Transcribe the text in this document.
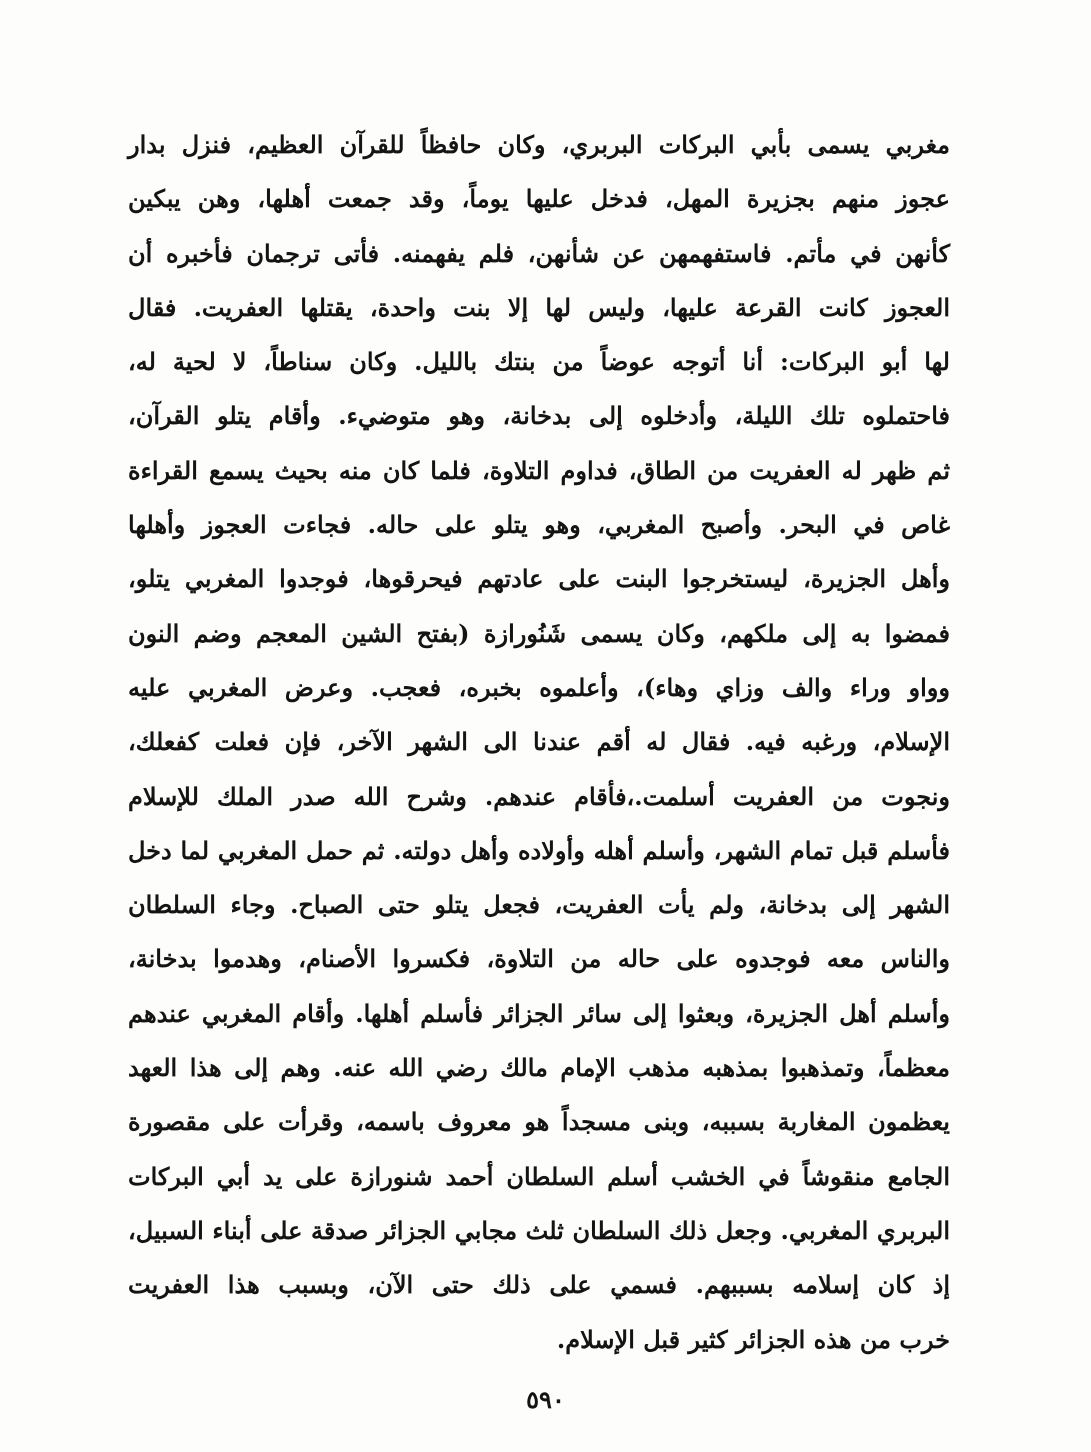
مغربي يسمى بأبي البركات البربري، وكان حافظاً للقرآن العظيم، فنزل بدار
عجوز منهم بجزيرة المهل، فدخل عليها يوماً، وقد جمعت أهلها، وهن يبكين
كأنهن في مأتم. فاستفهمهن عن شأنهن، فلم يفهمنه. فأتى ترجمان فأخبره أن
العجوز كانت القرعة عليها، وليس لها إلا بنت واحدة، يقتلها العفريت. فقال
لها أبو البركات: أنا أتوجه عوضاً من بنتك بالليل. وكان سناطاً، لا لحية له،
فاحتملوه تلك الليلة، وأدخلوه إلى بدخانة، وهو متوضيء. وأقام يتلو القرآن،
ثم ظهر له العفريت من الطاق، فداوم التلاوة، فلما كان منه بحيث يسمع القراءة
غاص في البحر. وأصبح المغربي، وهو يتلو على حاله. فجاءت العجوز وأهلها
وأهل الجزيرة، ليستخرجوا البنت على عادتهم فيحرقوها، فوجدوا المغربي يتلو،
فمضوا به إلى ملكهم، وكان يسمى شَنُورازة (بفتح الشين المعجم وضم النون
وواو وراء والف وزاي وهاء)، وأعلموه بخبره، فعجب. وعرض المغربي عليه
الإسلام، ورغبه فيه. فقال له أقم عندنا الى الشهر الآخر، فإن فعلت كفعلك،
ونجوت من العفريت أسلمت.،فأقام عندهم. وشرح الله صدر الملك للإسلام
فأسلم قبل تمام الشهر، وأسلم أهله وأولاده وأهل دولته. ثم حمل المغربي لما دخل
الشهر إلى بدخانة، ولم يأت العفريت، فجعل يتلو حتى الصباح. وجاء السلطان
والناس معه فوجدوه على حاله من التلاوة، فكسروا الأصنام، وهدموا بدخانة،
وأسلم أهل الجزيرة، وبعثوا إلى سائر الجزائر فأسلم أهلها. وأقام المغربي عندهم
معظماً، وتمذهبوا بمذهبه مذهب الإمام مالك رضي الله عنه. وهم إلى هذا العهد
يعظمون المغاربة بسببه، وبنى مسجداً هو معروف باسمه، وقرأت على مقصورة
الجامع منقوشاً في الخشب أسلم السلطان أحمد شنورازة على يد أبي البركات
البربري المغربي. وجعل ذلك السلطان ثلث مجابي الجزائر صدقة على أبناء السبيل،
إذ كان إسلامه بسببهم. فسمي على ذلك حتى الآن، وبسبب هذا العفريت
خرب من هذه الجزائر كثير قبل الإسلام.
٥٩٠
